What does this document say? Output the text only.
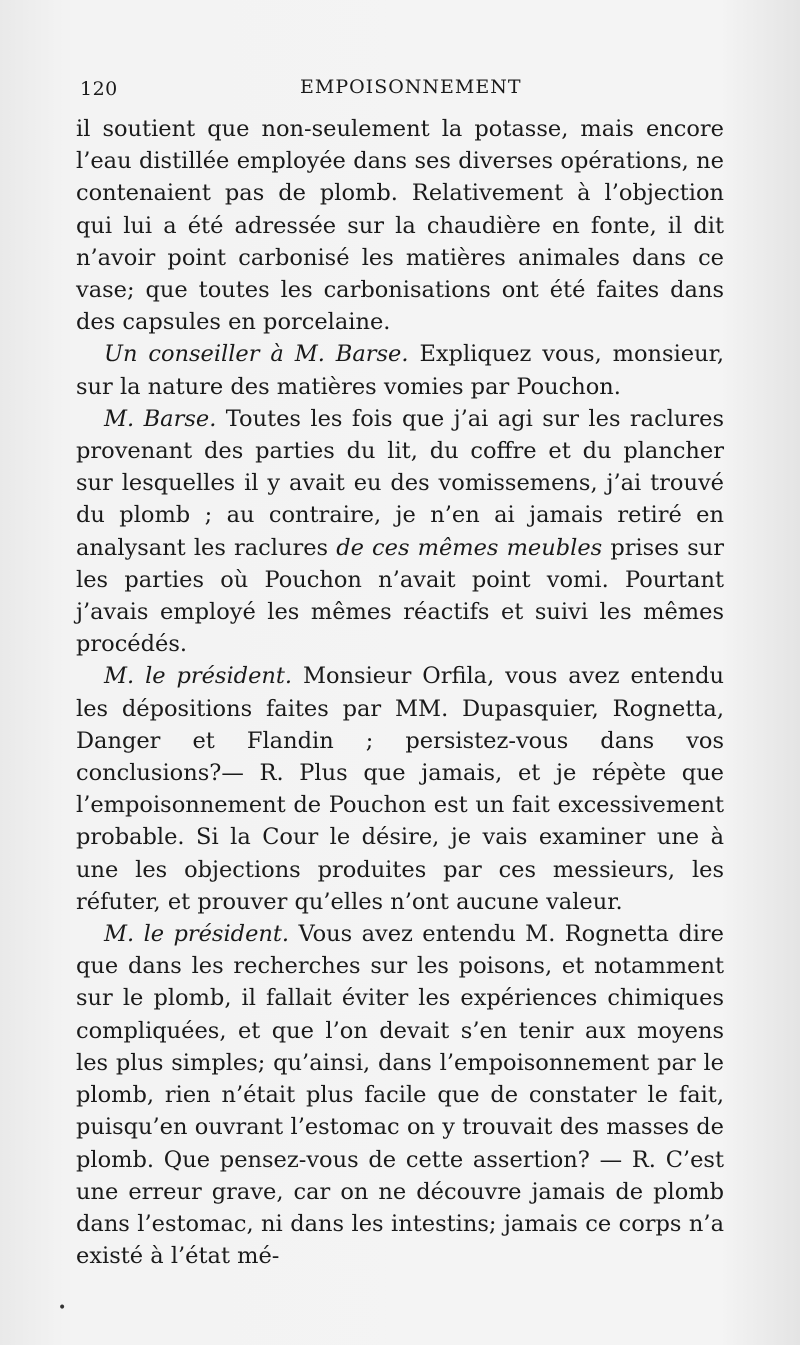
120	EMPOISONNEMENT

il soutient que non-seulement la potasse, mais encore l’eau distillée employée dans ses diverses opérations, ne contenaient pas de plomb. Relativement à l’objection qui lui a été adressée sur la chaudière en fonte, il dit n’avoir point carbonisé les matières animales dans ce vase; que toutes les carbonisations ont été faites dans des capsules en porcelaine.

Un conseiller à M. Barse. Expliquez vous, monsieur, sur la nature des matières vomies par Pouchon.

M. Barse. Toutes les fois que j’ai agi sur les raclures provenant des parties du lit, du coffre et du plancher sur lesquelles il y avait eu des vomissemens, j’ai trouvé du plomb ; au contraire, je n’en ai jamais retiré en analysant les raclures de ces mêmes meubles prises sur les parties où Pouchon n’avait point vomi. Pourtant j’avais employé les mêmes réactifs et suivi les mêmes procédés.

M. le président. Monsieur Orfila, vous avez entendu les dépositions faites par MM. Dupasquier, Rognetta, Danger et Flandin ; persistez-vous dans vos conclusions?— R. Plus que jamais, et je répète que l’empoisonnement de Pouchon est un fait excessivement probable. Si la Cour le désire, je vais examiner une à une les objections produites par ces messieurs, les réfuter, et prouver qu’elles n’ont aucune valeur.

M. le président. Vous avez entendu M. Rognetta dire que dans les recherches sur les poisons, et notamment sur le plomb, il fallait éviter les expériences chimiques compliquées, et que l’on devait s’en tenir aux moyens les plus simples; qu’ainsi, dans l’empoisonnement par le plomb, rien n’était plus facile que de constater le fait, puisqu’en ouvrant l’estomac on y trouvait des masses de plomb. Que pensez-vous de cette assertion? — R. C’est une erreur grave, car on ne découvre jamais de plomb dans l’estomac, ni dans les intestins; jamais ce corps n’a existé à l’état mé-

•
